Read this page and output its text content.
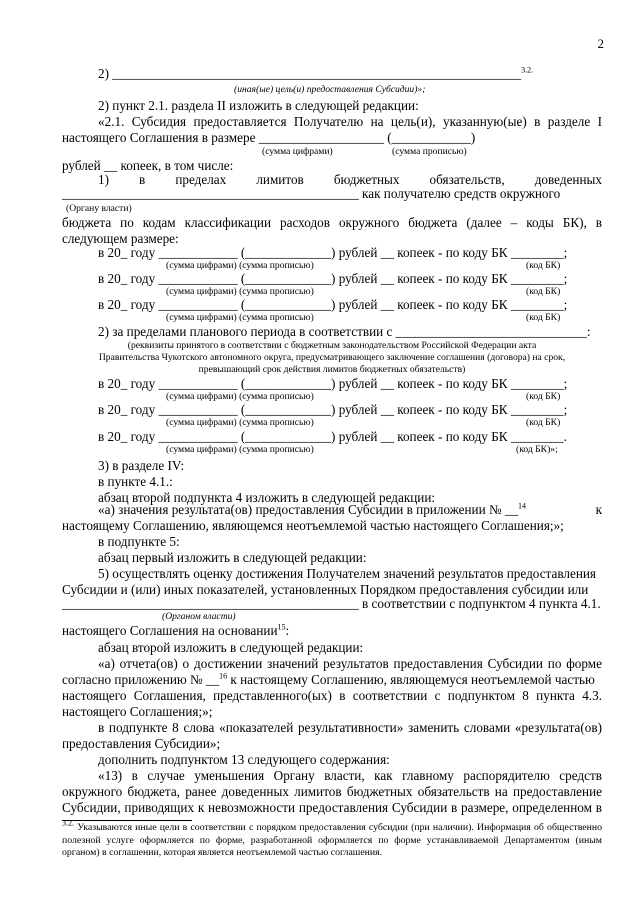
2
2) ______________________________________________________________$^{3.2.}$
(иная(ые) цель(и) предоставления Субсидии)»;
2) пункт 2.1. раздела II изложить в следующей редакции:
«2.1. Субсидия предоставляется Получателю на цель(и), указанную(ые) в разделе I
настоящего Соглашения в размере ___________________ (____________)
(сумма цифрами)	(сумма прописью)
рублей __ копеек, в том числе:
1) в пределах лимитов бюджетных обязательств, доведенных
_____________________________________________ как получателю средств окружного
(Органу власти)
бюджета по кодам классификации расходов окружного бюджета (далее – коды БК), в
следующем размере:
в 20_ году ____________ (_____________) рублей __ копеек - по коду БК ________;
(сумма цифрами) (сумма прописью)	(код БК)
в 20_ году ____________ (_____________) рублей __ копеек - по коду БК ________;
(сумма цифрами) (сумма прописью)	(код БК)
в 20_ году ____________ (_____________) рублей __ копеек - по коду БК ________;
(сумма цифрами) (сумма прописью)	(код БК)
2) за пределами планового периода в соответствии с _____________________________:
(реквизиты принятого в соответствии с бюджетным законодательством Российской Федерации акта
Правительства Чукотского автономного округа, предусматривающего заключение соглашения (договора) на срок,
превышающий срок действия лимитов бюджетных обязательств)
в 20_ году ____________ (_____________) рублей __ копеек - по коду БК ________;
(сумма цифрами) (сумма прописью)	(код БК)
в 20_ году ____________ (_____________) рублей __ копеек - по коду БК ________;
(сумма цифрами) (сумма прописью)	(код БК)
в 20_ году ____________ (_____________) рублей __ копеек - по коду БК ________.
(сумма цифрами) (сумма прописью)	(код БК)»;
3) в разделе IV:
в пункте 4.1.:
абзац второй подпункта 4 изложить в следующей редакции:
«а) значения результата(ов) предоставления Субсидии в приложении № __$^{14}$	к
настоящему Соглашению, являющемся неотъемлемой частью настоящего Соглашения;»;
в подпункте 5:
абзац первый изложить в следующей редакции:
5) осуществлять оценку достижения Получателем значений результатов предоставления
Субсидии и (или) иных показателей, установленных Порядком предоставления субсидии или
_____________________________________________ в соответствии с подпунктом 4 пункта 4.1.
(Органом власти)
настоящего Соглашения на основании$^{15}$:
абзац второй изложить в следующей редакции:
«а) отчета(ов) о достижении значений результатов предоставления Субсидии по форме
согласно приложению № __$^{16}$ к настоящему Соглашению, являющемуся неотъемлемой частью
настоящего Соглашения, представленного(ых) в соответствии с подпунктом 8 пункта 4.3.
настоящего Соглашения;»;
в подпункте 8 слова «показателей результативности» заменить словами «результата(ов)
предоставления Субсидии»;
дополнить подпунктом 13 следующего содержания:
«13) в случае уменьшения Органу власти, как главному распорядителю средств
окружного бюджета, ранее доведенных лимитов бюджетных обязательств на предоставление
Субсидии, приводящих к невозможности предоставления Субсидии в размере, определенном в
$^{3.2.}$ Указываются иные цели в соответствии с порядком предоставления субсидии (при наличии). Информация об общественно полезной услуге оформляется по форме, разработанной оформляется по форме устанавливаемой Департаментом (иным органом) в соглашении, которая является неотъемлемой частью соглашения.
